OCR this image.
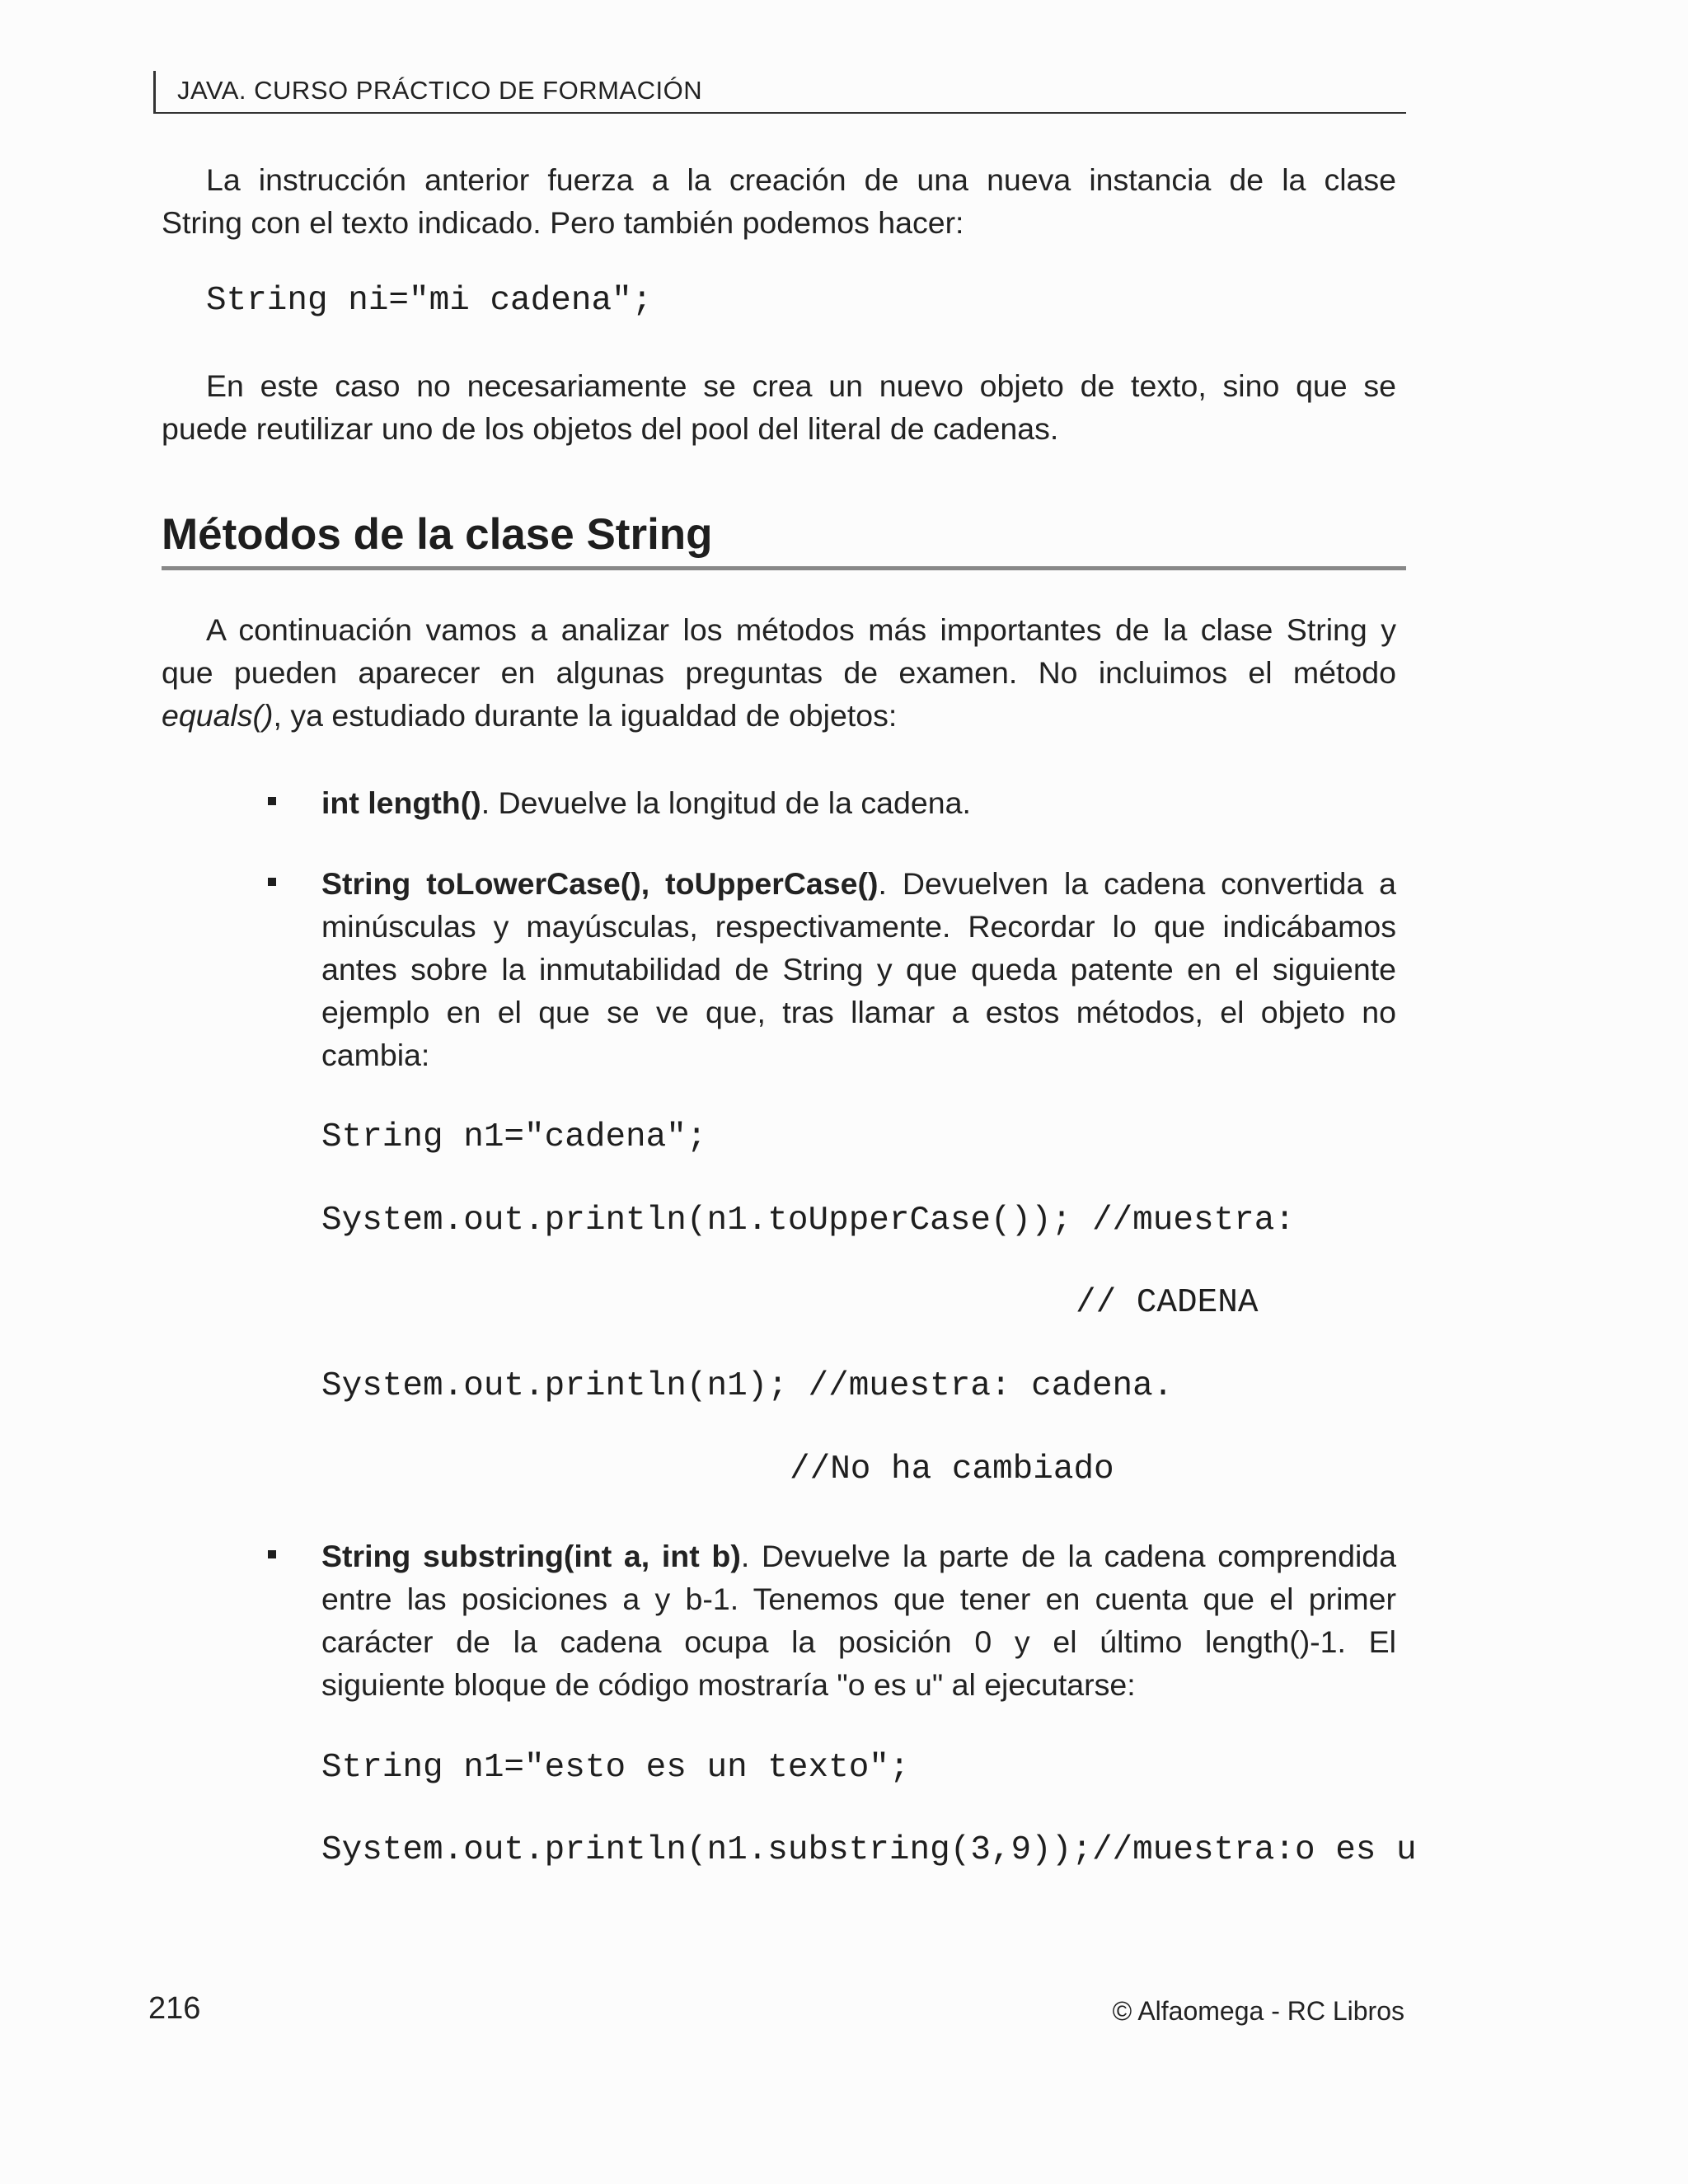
JAVA. CURSO PRÁCTICO DE FORMACIÓN

La instrucción anterior fuerza a la creación de una nueva instancia de la clase
String con el texto indicado. Pero también podemos hacer:

String ni="mi cadena";

En este caso no necesariamente se crea un nuevo objeto de texto, sino que se
puede reutilizar uno de los objetos del pool del literal de cadenas.

Métodos de la clase String

A continuación vamos a analizar los métodos más importantes de la clase String y
que pueden aparecer en algunas preguntas de examen. No incluimos el método
equals(), ya estudiado durante la igualdad de objetos:

int length(). Devuelve la longitud de la cadena.

String toLowerCase(), toUpperCase(). Devuelven la cadena convertida a
minúsculas y mayúsculas, respectivamente. Recordar lo que indicábamos
antes sobre la inmutabilidad de String y que queda patente en el siguiente
ejemplo en el que se ve que, tras llamar a estos métodos, el objeto no
cambia:

String n1="cadena";
System.out.println(n1.toUpperCase()); //muestra:
// CADENA
System.out.println(n1); //muestra: cadena.
//No ha cambiado

String substring(int a, int b). Devuelve la parte de la cadena comprendida
entre las posiciones a y b-1. Tenemos que tener en cuenta que el primer
carácter de la cadena ocupa la posición 0 y el último length()-1. El
siguiente bloque de código mostraría "o es u" al ejecutarse:

String n1="esto es un texto";
System.out.println(n1.substring(3,9));//muestra:o es u
216	© Alfaomega - RC Libros
